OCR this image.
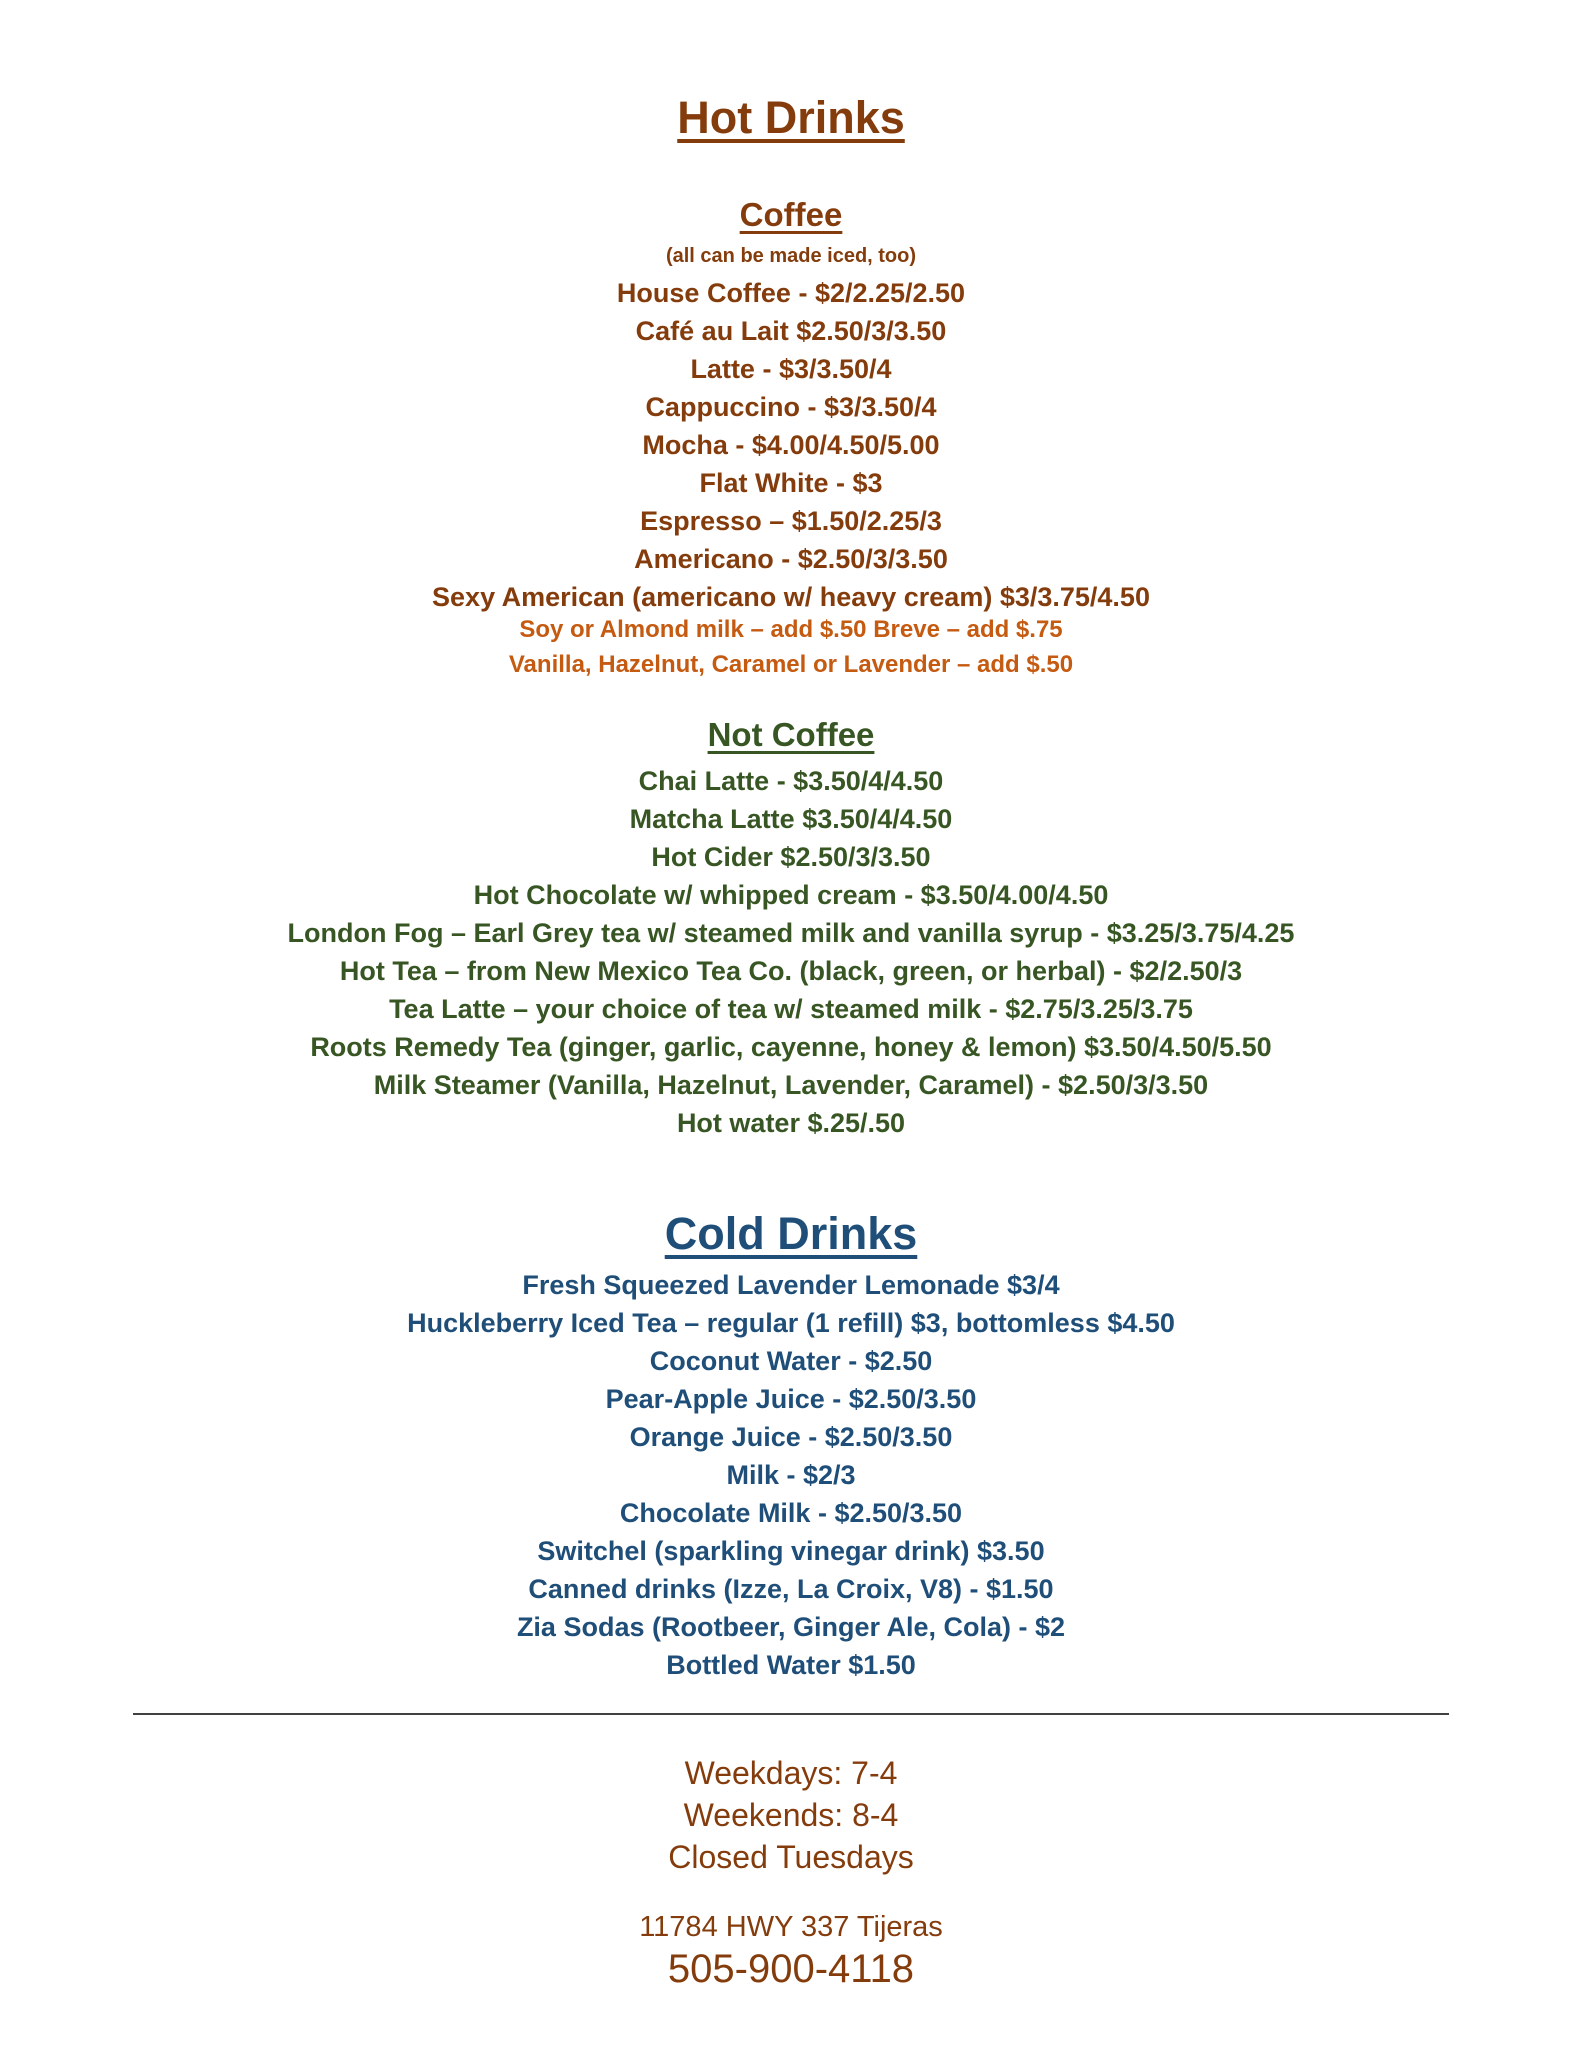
Hot Drinks
Coffee
(all can be made iced, too)
House Coffee - $2/2.25/2.50
Café au Lait $2.50/3/3.50
Latte - $3/3.50/4
Cappuccino - $3/3.50/4
Mocha - $4.00/4.50/5.00
Flat White - $3
Espresso – $1.50/2.25/3
Americano - $2.50/3/3.50
Sexy American (americano w/ heavy cream) $3/3.75/4.50
Soy or Almond milk – add $.50 Breve – add $.75
Vanilla, Hazelnut, Caramel or Lavender – add $.50
Not Coffee
Chai Latte - $3.50/4/4.50
Matcha Latte $3.50/4/4.50
Hot Cider $2.50/3/3.50
Hot Chocolate w/ whipped cream - $3.50/4.00/4.50
London Fog – Earl Grey tea w/ steamed milk and vanilla syrup - $3.25/3.75/4.25
Hot Tea – from New Mexico Tea Co. (black, green, or herbal) - $2/2.50/3
Tea Latte – your choice of tea w/ steamed milk - $2.75/3.25/3.75
Roots Remedy Tea (ginger, garlic, cayenne, honey & lemon) $3.50/4.50/5.50
Milk Steamer (Vanilla, Hazelnut, Lavender, Caramel) - $2.50/3/3.50
Hot water $.25/.50
Cold Drinks
Fresh Squeezed Lavender Lemonade $3/4
Huckleberry Iced Tea – regular (1 refill) $3, bottomless $4.50
Coconut Water - $2.50
Pear-Apple Juice - $2.50/3.50
Orange Juice - $2.50/3.50
Milk - $2/3
Chocolate Milk - $2.50/3.50
Switchel (sparkling vinegar drink) $3.50
Canned drinks (Izze, La Croix, V8) - $1.50
Zia Sodas (Rootbeer, Ginger Ale, Cola) - $2
Bottled Water $1.50
Weekdays: 7-4
Weekends: 8-4
Closed Tuesdays
11784 HWY 337 Tijeras
505-900-4118
